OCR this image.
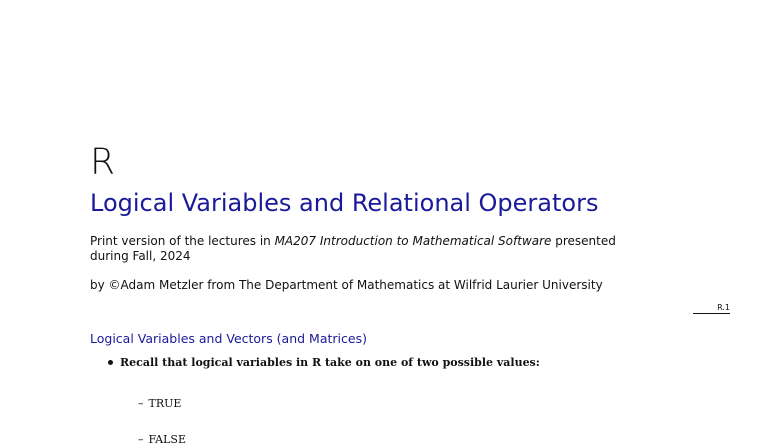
R
Logical Variables and Relational Operators
Print version of the lectures in MA207 Introduction to Mathematical Software presented during Fall, 2024
by ©Adam Metzler from The Department of Mathematics at Wilfrid Laurier University
R.1
Logical Variables and Vectors (and Matrices)
Recall that logical variables in R take on one of two possible values:
– TRUE
– FALSE
